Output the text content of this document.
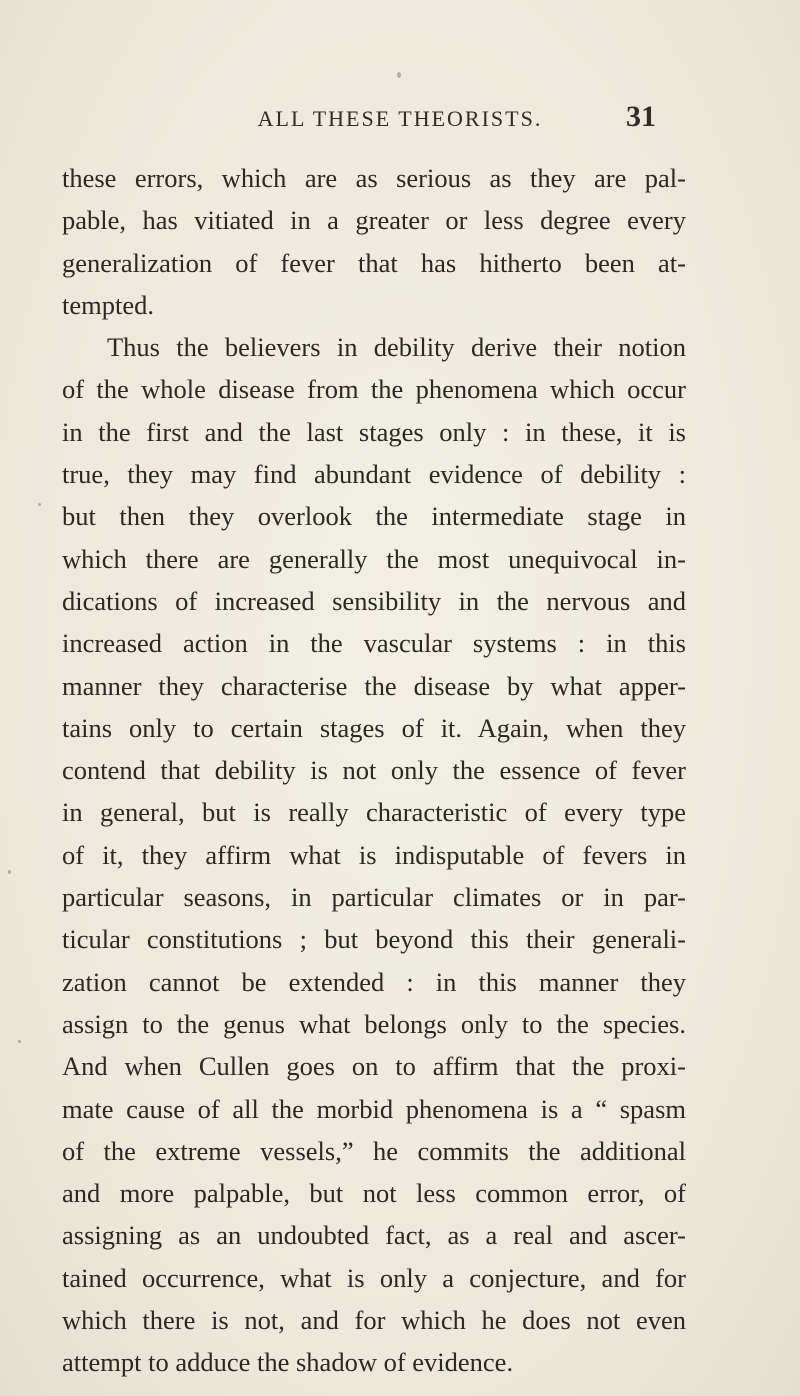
ALL THESE THEORISTS.	31
these errors, which are as serious as they are pal-
pable, has vitiated in a greater or less degree every
generalization of fever that has hitherto been at-
tempted.
Thus the believers in debility derive their notion
of the whole disease from the phenomena which occur
in the first and the last stages only : in these, it is
true, they may find abundant evidence of debility :
but then they overlook the intermediate stage in
which there are generally the most unequivocal in-
dications of increased sensibility in the nervous and
increased action in the vascular systems : in this
manner they characterise the disease by what apper-
tains only to certain stages of it. Again, when they
contend that debility is not only the essence of fever
in general, but is really characteristic of every type
of it, they affirm what is indisputable of fevers in
particular seasons, in particular climates or in par-
ticular constitutions ; but beyond this their generali-
zation cannot be extended : in this manner they
assign to the genus what belongs only to the species.
And when Cullen goes on to affirm that the proxi-
mate cause of all the morbid phenomena is a “ spasm
of the extreme vessels,” he commits the additional
and more palpable, but not less common error, of
assigning as an undoubted fact, as a real and ascer-
tained occurrence, what is only a conjecture, and for
which there is not, and for which he does not even
attempt to adduce the shadow of evidence.
